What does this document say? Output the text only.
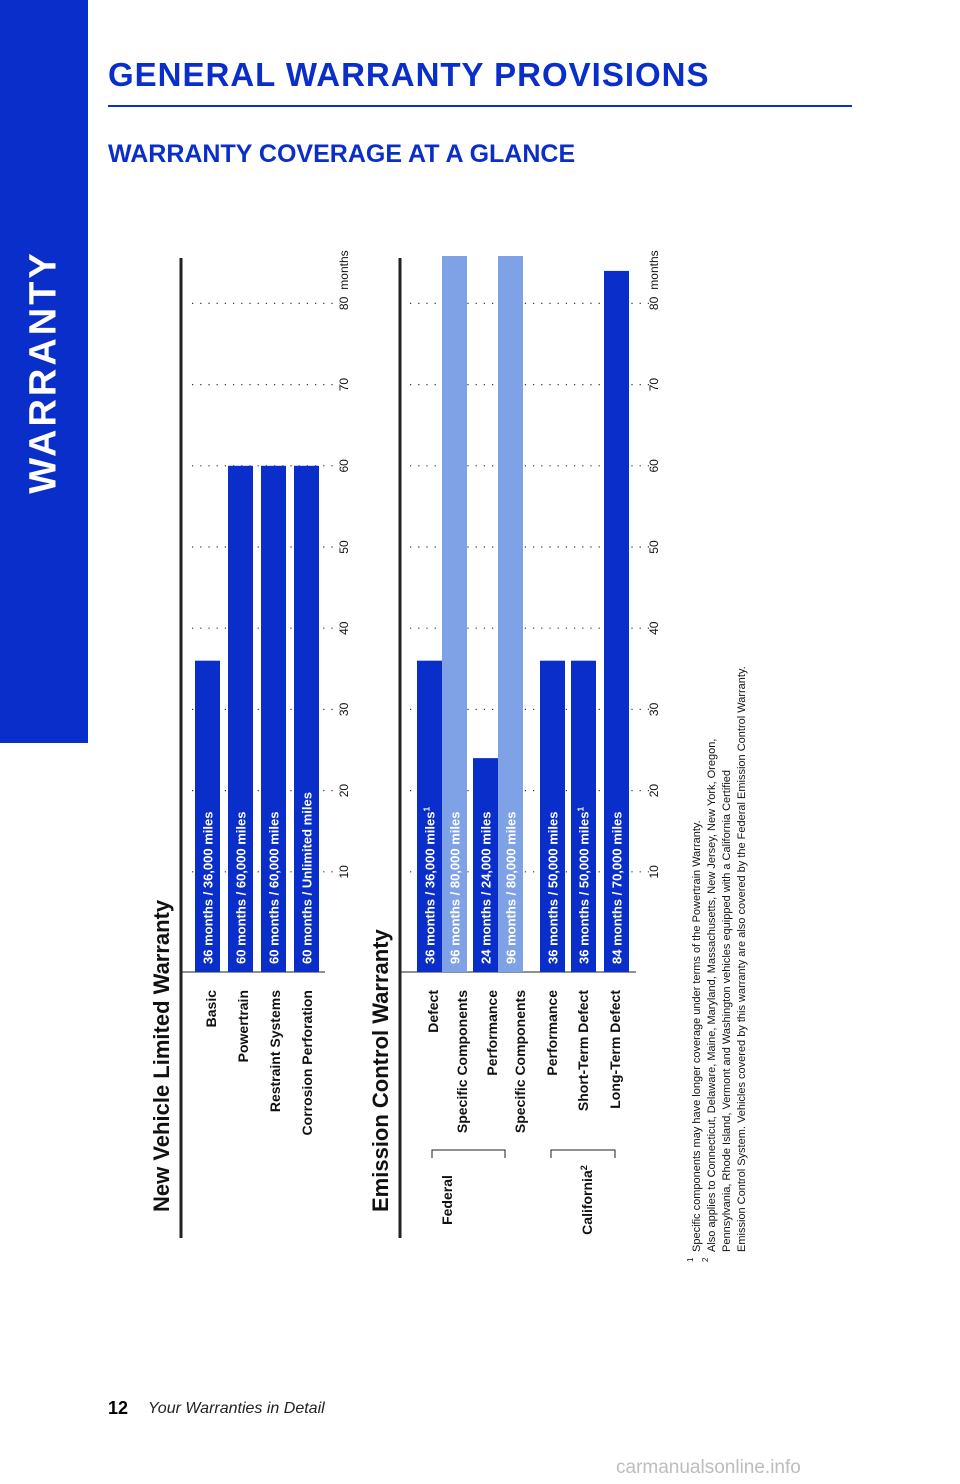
WARRANTY
GENERAL WARRANTY PROVISIONS
WARRANTY COVERAGE AT A GLANCE
New Vehicle Limited Warranty
10
20
30
40
50
60
70
80
months
Basic Powertrain Restraint Systems Corrosion Perforation
36 months / 36,000 miles 60 months / 60,000 miles 60 months / 60,000 miles 60 months / Unlimited miles
Emission Control Warranty
10
20
30
40
50
60
70
80
months
Defect Specific Components Performance Specific Components Performance Short-Term Defect Long-Term Defect
36 months / 36,000 miles$^1$
96 months / 80,000 miles 24 months / 24,000 miles 96 months / 80,000 miles 36 months / 50,000 miles 36 months / 50,000 miles$^1$
84 months / 70,000 miles
Federal	California$^2$	Specific components may have longer coverage under terms of the Powertrain Warranty.
1
Also applies to Connecticut, Delaware, Maine, Maryland, Massachusetts, New Jersey, New York, Oregon,
2
Pennsylvania, Rhode Island, Vermont and Washington vehicles equipped with a California Certified Emission Control System. Vehicles covered by this warranty are also covered by the Federal Emission Control Warranty.
12 Your Warranties in Detail
carmanualsonline.info
